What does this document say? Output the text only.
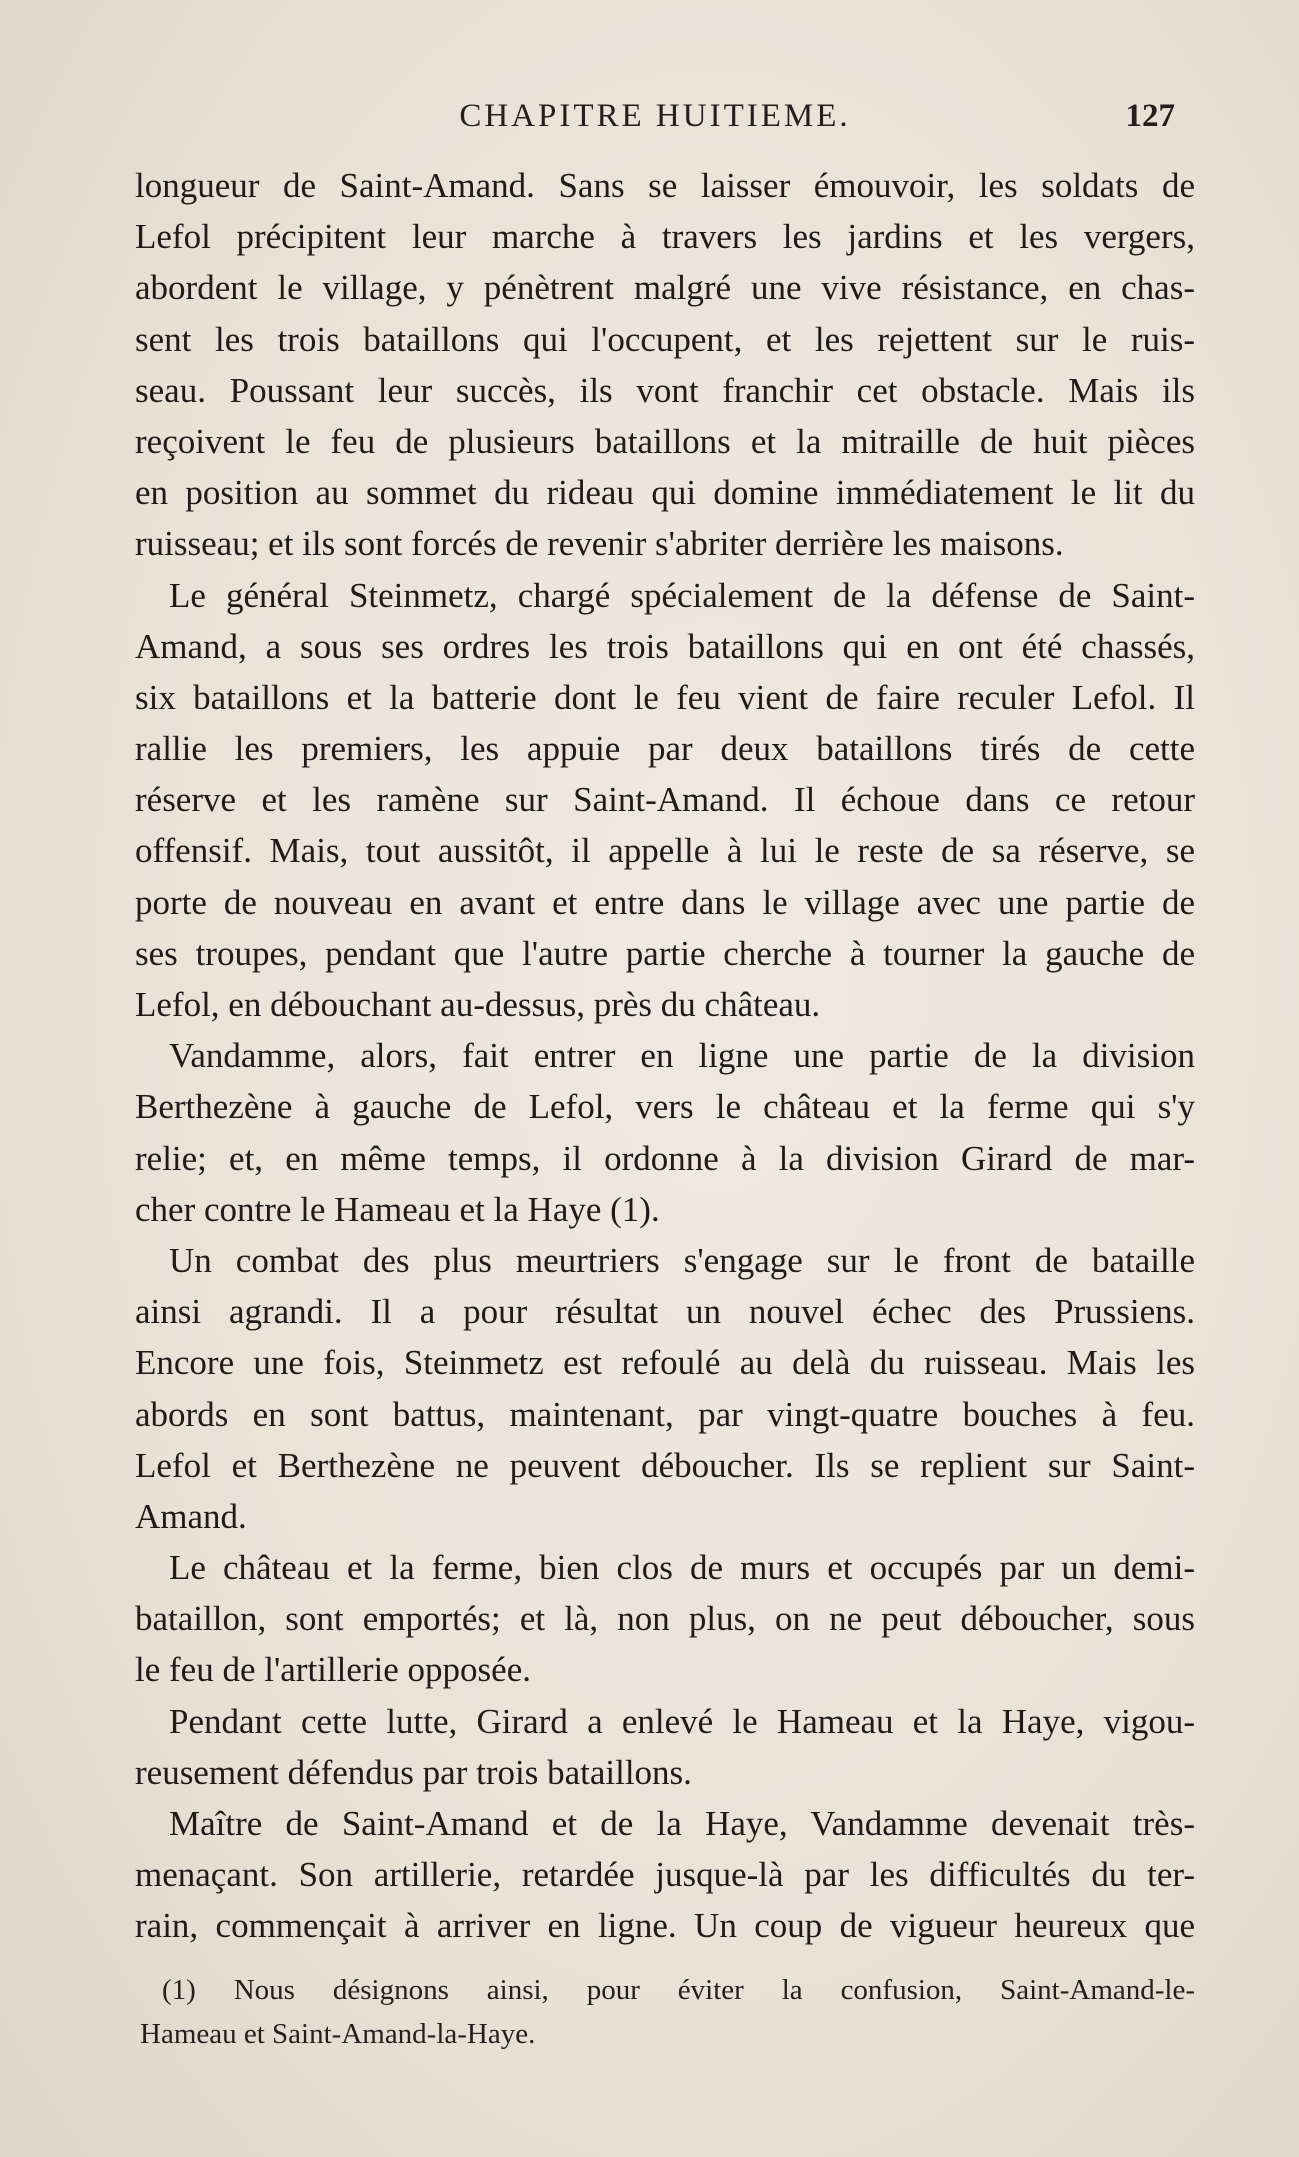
CHAPITRE HUITIEME.	127
longueur de Saint-Amand. Sans se laisser émouvoir, les soldats de
Lefol précipitent leur marche à travers les jardins et les vergers,
abordent le village, y pénètrent malgré une vive résistance, en chas-
sent les trois bataillons qui l'occupent, et les rejettent sur le ruis-
seau. Poussant leur succès, ils vont franchir cet obstacle. Mais ils
reçoivent le feu de plusieurs bataillons et la mitraille de huit pièces
en position au sommet du rideau qui domine immédiatement le lit du
ruisseau; et ils sont forcés de revenir s'abriter derrière les maisons.
Le général Steinmetz, chargé spécialement de la défense de Saint-
Amand, a sous ses ordres les trois bataillons qui en ont été chassés,
six bataillons et la batterie dont le feu vient de faire reculer Lefol. Il
rallie les premiers, les appuie par deux bataillons tirés de cette
réserve et les ramène sur Saint-Amand. Il échoue dans ce retour
offensif. Mais, tout aussitôt, il appelle à lui le reste de sa réserve, se
porte de nouveau en avant et entre dans le village avec une partie de
ses troupes, pendant que l'autre partie cherche à tourner la gauche de
Lefol, en débouchant au-dessus, près du château.
Vandamme, alors, fait entrer en ligne une partie de la division
Berthezène à gauche de Lefol, vers le château et la ferme qui s'y
relie; et, en même temps, il ordonne à la division Girard de mar-
cher contre le Hameau et la Haye (1).
Un combat des plus meurtriers s'engage sur le front de bataille
ainsi agrandi. Il a pour résultat un nouvel échec des Prussiens.
Encore une fois, Steinmetz est refoulé au delà du ruisseau. Mais les
abords en sont battus, maintenant, par vingt-quatre bouches à feu.
Lefol et Berthezène ne peuvent déboucher. Ils se replient sur Saint-
Amand.
Le château et la ferme, bien clos de murs et occupés par un demi-
bataillon, sont emportés; et là, non plus, on ne peut déboucher, sous
le feu de l'artillerie opposée.
Pendant cette lutte, Girard a enlevé le Hameau et la Haye, vigou-
reusement défendus par trois bataillons.
Maître de Saint-Amand et de la Haye, Vandamme devenait très-
menaçant. Son artillerie, retardée jusque-là par les difficultés du ter-
rain, commençait à arriver en ligne. Un coup de vigueur heureux que
(1) Nous désignons ainsi, pour éviter la confusion, Saint-Amand-le-
Hameau et Saint-Amand-la-Haye.
